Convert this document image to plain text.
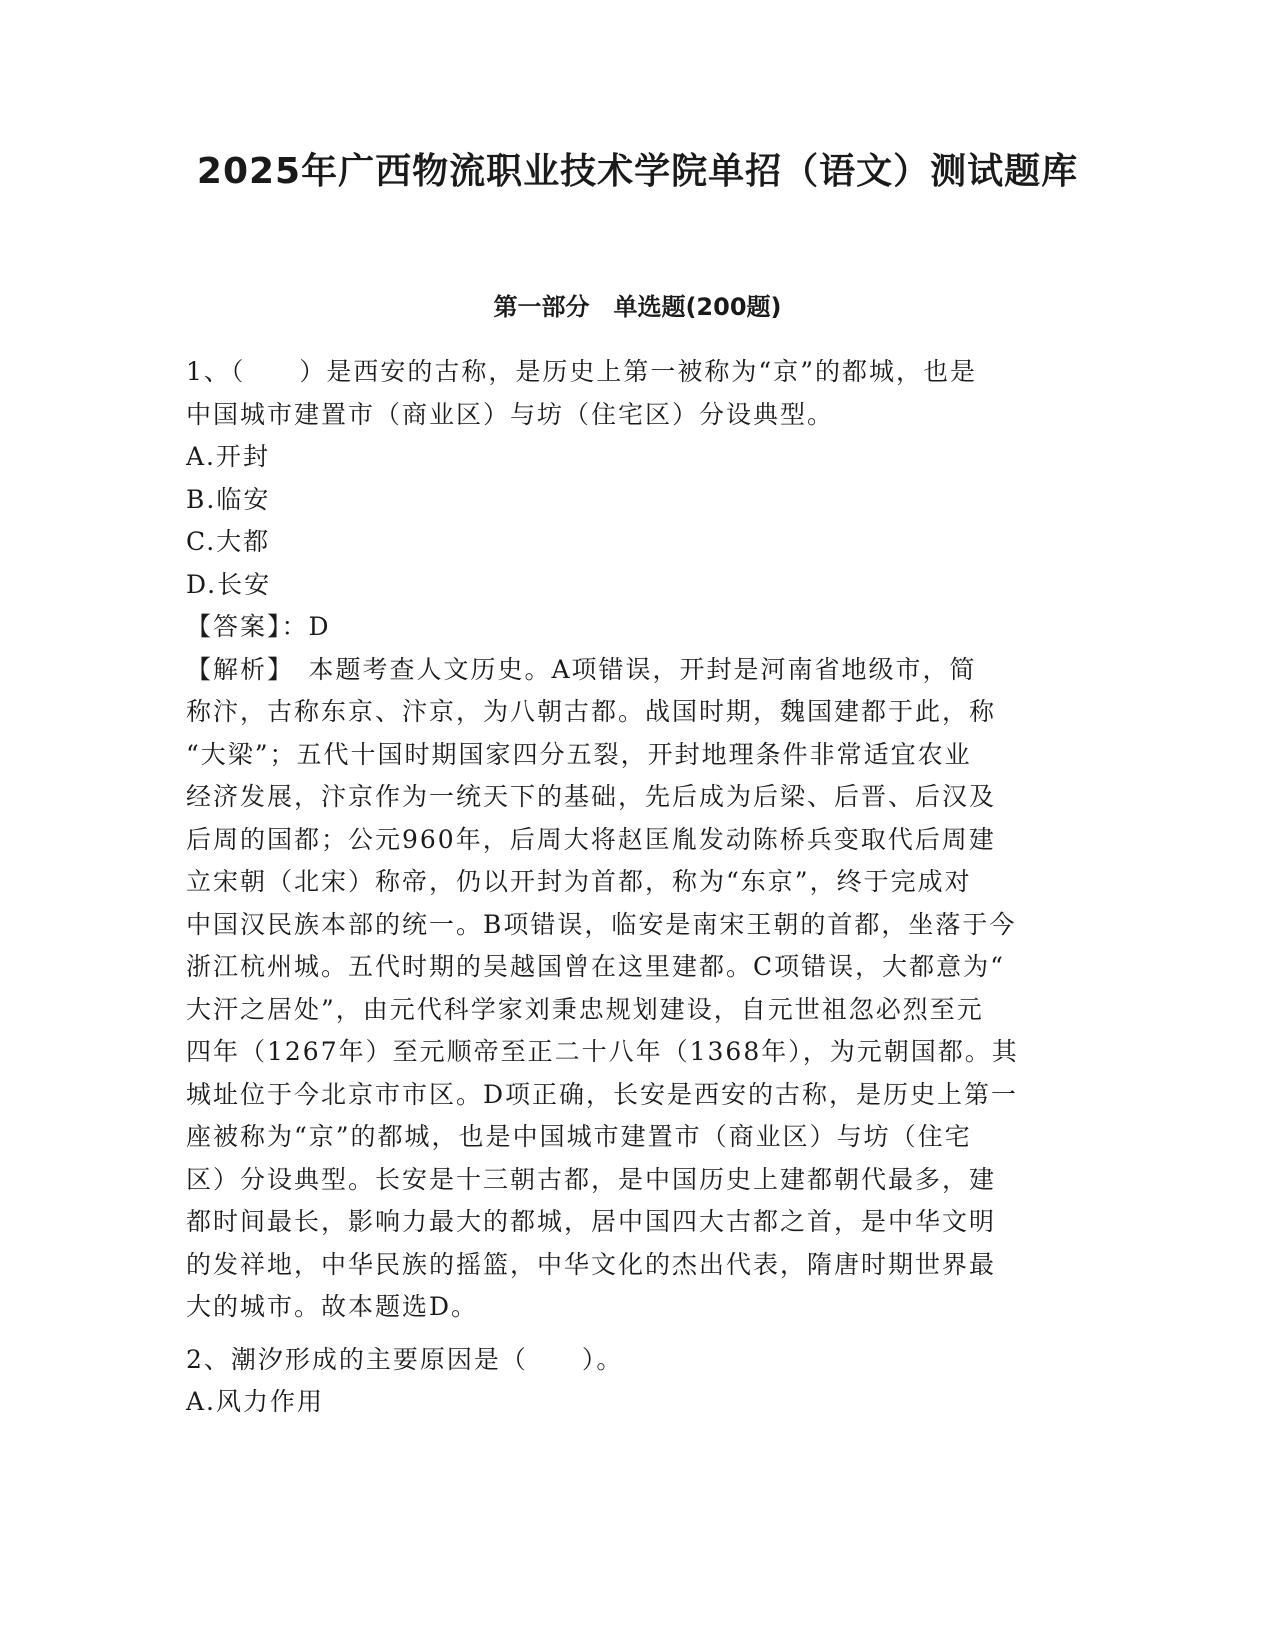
2025年广西物流职业技术学院单招（语文）测试题库
第一部分　单选题(200题)
1、（　　）是西安的古称，是历史上第一被称为“京”的都城，也是
中国城市建置市（商业区）与坊（住宅区）分设典型。
A.开封
B.临安
C.大都
D.长安
【答案】：D
【解析】　本题考查人文历史。A项错误，开封是河南省地级市，简
称汴，古称东京、汴京，为八朝古都。战国时期，魏国建都于此，称
“大梁”；五代十国时期国家四分五裂，开封地理条件非常适宜农业
经济发展，汴京作为一统天下的基础，先后成为后梁、后晋、后汉及
后周的国都；公元960年，后周大将赵匡胤发动陈桥兵变取代后周建
立宋朝（北宋）称帝，仍以开封为首都，称为“东京”，终于完成对
中国汉民族本部的统一。B项错误，临安是南宋王朝的首都，坐落于今
浙江杭州城。五代时期的吴越国曾在这里建都。C项错误，大都意为“
大汗之居处”，由元代科学家刘秉忠规划建设，自元世祖忽必烈至元
四年（1267年）至元顺帝至正二十八年（1368年），为元朝国都。其
城址位于今北京市市区。D项正确，长安是西安的古称，是历史上第一
座被称为“京”的都城，也是中国城市建置市（商业区）与坊（住宅
区）分设典型。长安是十三朝古都，是中国历史上建都朝代最多，建
都时间最长，影响力最大的都城，居中国四大古都之首，是中华文明
的发祥地，中华民族的摇篮，中华文化的杰出代表，隋唐时期世界最
大的城市。故本题选D。
2、潮汐形成的主要原因是（　　）。
A.风力作用
